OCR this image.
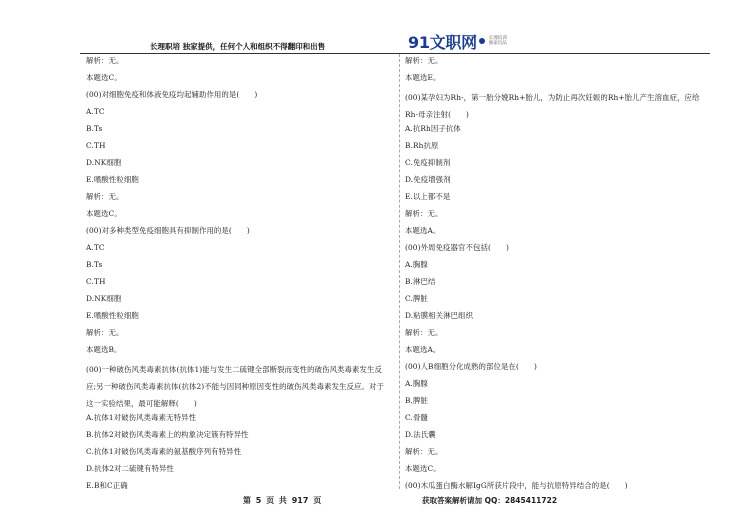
长理职培 独家提供，任何个人和组织不得翻印和出售	91文职网	长理培训
独家出品
解析：无。
本题选C。
(00)对细胞免疫和体液免疫均起辅助作用的是(　　)
A.TC
B.Ts
C.TH
D.NK细胞
E.嗜酸性粒细胞
解析：无。
本题选C。
(00)对多种类型免疫细胞具有抑制作用的是(　　)
A.TC
B.Ts
C.TH
D.NK细胞
E.嗜酸性粒细胞
解析：无。
本题选B。
(00)一种破伤风类毒素抗体(抗体1)能与发生二硫键全部断裂而变性的破伤风类毒素发生反应;另一种破伤风类毒素抗体(抗体2)不能与因同种原因变性的破伤风类毒素发生反应。对于这一实验结果，最可能解释(　　)
A.抗体1对破伤风类毒素无特异性
B.抗体2对破伤风类毒素上的构象决定簇有特异性
C.抗体1对破伤风类毒素的氨基酸序列有特异性
D.抗体2对二硫键有特异性
E.B和C正确
解析：无。
本题选E。
(00)某孕妇为Rh-，第一胎分娩Rh+胎儿，为防止再次妊娠的Rh+胎儿产生溶血症，应给Rh-母亲注射(　　)
A.抗Rh因子抗体
B.Rh抗原
C.免疫抑制剂
D.免疫增强剂
E.以上都不是
解析：无。
本题选A。
(00)外周免疫器官不包括(　　)
A.胸腺
B.淋巴结
C.脾脏
D.粘膜相关淋巴组织
解析：无。
本题选A。
(00)人B细胞分化成熟的部位是在(　　)
A.胸腺
B.脾脏
C.骨髓
D.法氏囊
解析：无。
本题选C。
(00)木瓜蛋白酶水解IgG所获片段中，能与抗原特异结合的是(　　)
第 5 页 共 917 页	获取答案解析请加 QQ：2845411722
